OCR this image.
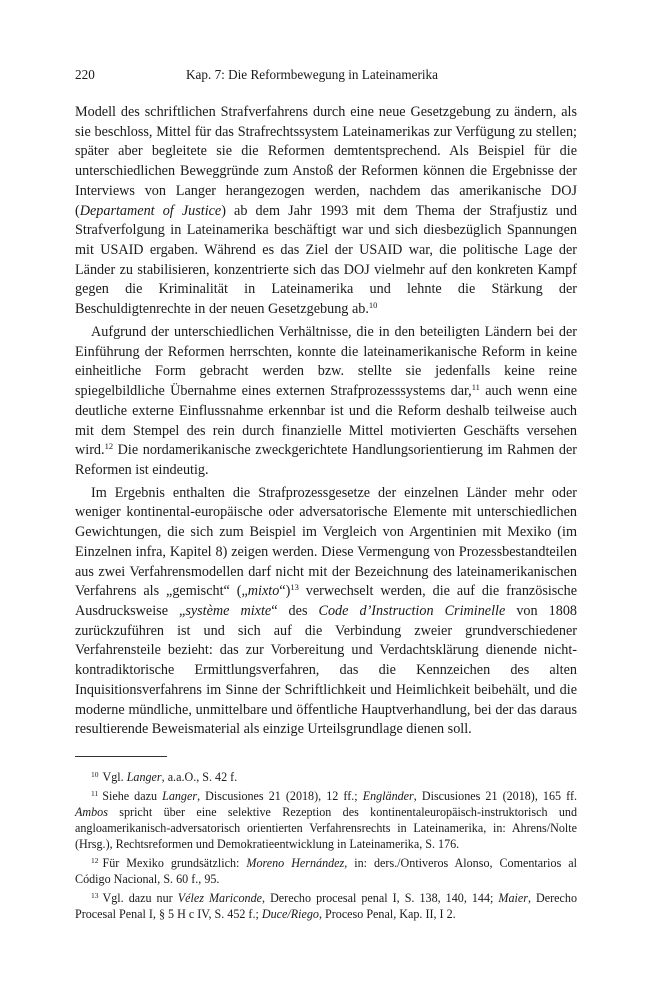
220	Kap. 7: Die Reformbewegung in Lateinamerika

Modell des schriftlichen Strafverfahrens durch eine neue Gesetzgebung zu ändern, als sie beschloss, Mittel für das Strafrechtssystem Lateinamerikas zur Verfügung zu stellen; später aber begleitete sie die Reformen demtentsprechend. Als Beispiel für die unterschiedlichen Beweggründe zum Anstoß der Reformen können die Ergebnisse der Interviews von Langer herangezogen werden, nachdem das amerikanische DOJ (Departament of Justice) ab dem Jahr 1993 mit dem Thema der Strafjustiz und Strafverfolgung in Lateinamerika beschäftigt war und sich diesbezüglich Spannungen mit USAID ergaben. Während es das Ziel der USAID war, die politische Lage der Länder zu stabilisieren, konzentrierte sich das DOJ vielmehr auf den konkreten Kampf gegen die Kriminalität in Lateinamerika und lehnte die Stärkung der Beschuldigtenrechte in der neuen Gesetzgebung ab.$^{10}$

Aufgrund der unterschiedlichen Verhältnisse, die in den beteiligten Ländern bei der Einführung der Reformen herrschten, konnte die lateinamerikanische Reform in keine einheitliche Form gebracht werden bzw. stellte sie jedenfalls keine reine spiegelbildliche Übernahme eines externen Strafprozesssystems dar,$^{11}$ auch wenn eine deutliche externe Einflussnahme erkennbar ist und die Reform deshalb teilweise auch mit dem Stempel des rein durch finanzielle Mittel motivierten Geschäfts versehen wird.$^{12}$ Die nordamerikanische zweckgerichtete Handlungsorientierung im Rahmen der Reformen ist eindeutig.

Im Ergebnis enthalten die Strafprozessgesetze der einzelnen Länder mehr oder weniger kontinental-europäische oder adversatorische Elemente mit unterschiedlichen Gewichtungen, die sich zum Beispiel im Vergleich von Argentinien mit Mexiko (im Einzelnen infra, Kapitel 8) zeigen werden. Diese Vermengung von Prozessbestandteilen aus zwei Verfahrensmodellen darf nicht mit der Bezeichnung des lateinamerikanischen Verfahrens als „gemischt“ („mixto“)$^{13}$ verwechselt werden, die auf die französische Ausdrucksweise „système mixte“ des Code d’Instruction Criminelle von 1808 zurückzuführen ist und sich auf die Verbindung zweier grundverschiedener Verfahrensteile bezieht: das zur Vorbereitung und Verdachtsklärung dienende nicht-kontradiktorische Ermittlungsverfahren, das die Kennzeichen des alten Inquisitionsverfahrens im Sinne der Schriftlichkeit und Heimlichkeit beibehält, und die moderne mündliche, unmittelbare und öffentliche Hauptverhandlung, bei der das daraus resultierende Beweismaterial als einzige Urteilsgrundlage dienen soll.

$^{10}$ Vgl. Langer, a.a.O., S. 42 f.

$^{11}$ Siehe dazu Langer, Discusiones 21 (2018), 12 ff.; Engländer, Discusiones 21 (2018), 165 ff. Ambos spricht über eine selektive Rezeption des kontinentaleuropäisch-instruktorisch und angloamerikanisch-adversatorisch orientierten Verfahrensrechts in Lateinamerika, in: Ahrens/Nolte (Hrsg.), Rechtsreformen und Demokratieentwicklung in Lateinamerika, S. 176.

$^{12}$ Für Mexiko grundsätzlich: Moreno Hernández, in: ders./Ontiveros Alonso, Comentarios al Código Nacional, S. 60 f., 95.

$^{13}$ Vgl. dazu nur Vélez Mariconde, Derecho procesal penal I, S. 138, 140, 144; Maier, Derecho Procesal Penal I, § 5 H c IV, S. 452 f.; Duce/Riego, Proceso Penal, Kap. II, I 2.
